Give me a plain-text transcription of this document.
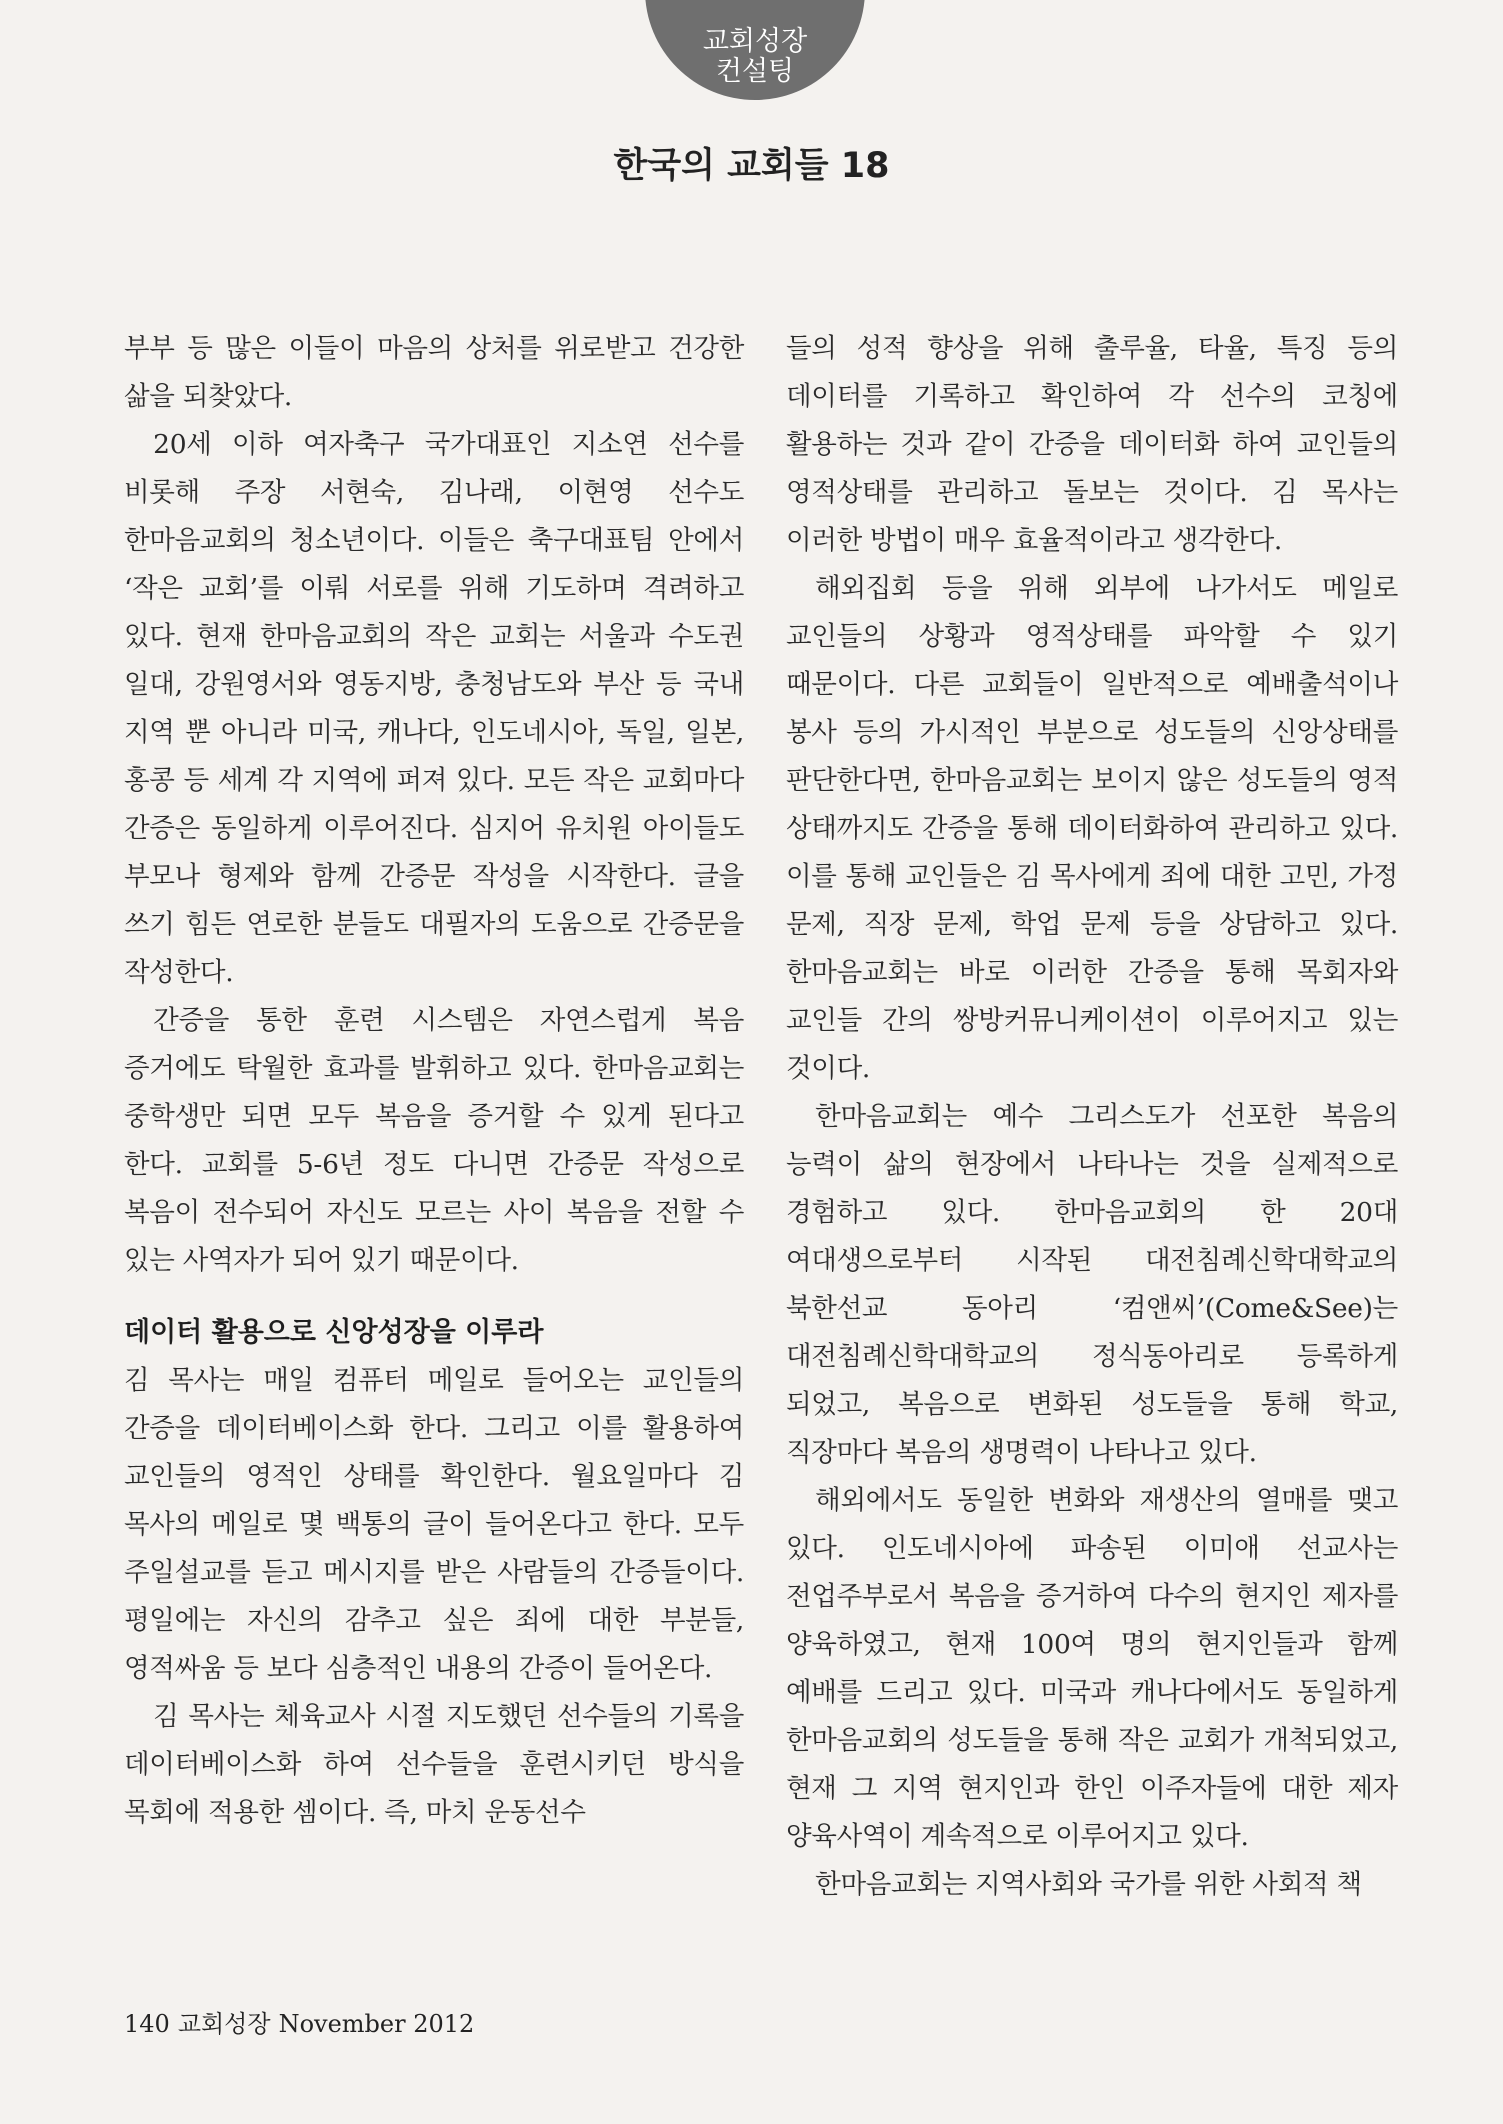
교회성장
컨설팅
한국의 교회들 18

부부 등 많은 이들이 마음의 상처를 위로받고 건강한 삶을 되찾았다.

20세 이하 여자축구 국가대표인 지소연 선수를 비롯해 주장 서현숙, 김나래, 이현영 선수도 한마음교회의 청소년이다. 이들은 축구대표팀 안에서 ‘작은 교회’를 이뤄 서로를 위해 기도하며 격려하고 있다. 현재 한마음교회의 작은 교회는 서울과 수도권 일대, 강원영서와 영동지방, 충청남도와 부산 등 국내 지역 뿐 아니라 미국, 캐나다, 인도네시아, 독일, 일본, 홍콩 등 세계 각 지역에 퍼져 있다. 모든 작은 교회마다 간증은 동일하게 이루어진다. 심지어 유치원 아이들도 부모나 형제와 함께 간증문 작성을 시작한다. 글을 쓰기 힘든 연로한 분들도 대필자의 도움으로 간증문을 작성한다.

간증을 통한 훈련 시스템은 자연스럽게 복음 증거에도 탁월한 효과를 발휘하고 있다. 한마음교회는 중학생만 되면 모두 복음을 증거할 수 있게 된다고 한다. 교회를 5-6년 정도 다니면 간증문 작성으로 복음이 전수되어 자신도 모르는 사이 복음을 전할 수 있는 사역자가 되어 있기 때문이다.

데이터 활용으로 신앙성장을 이루라

김 목사는 매일 컴퓨터 메일로 들어오는 교인들의 간증을 데이터베이스화 한다. 그리고 이를 활용하여 교인들의 영적인 상태를 확인한다. 월요일마다 김 목사의 메일로 몇 백통의 글이 들어온다고 한다. 모두 주일설교를 듣고 메시지를 받은 사람들의 간증들이다. 평일에는 자신의 감추고 싶은 죄에 대한 부분들, 영적싸움 등 보다 심층적인 내용의 간증이 들어온다.

김 목사는 체육교사 시절 지도했던 선수들의 기록을 데이터베이스화 하여 선수들을 훈련시키던 방식을 목회에 적용한 셈이다. 즉, 마치 운동선수

들의 성적 향상을 위해 출루율, 타율, 특징 등의 데이터를 기록하고 확인하여 각 선수의 코칭에 활용하는 것과 같이 간증을 데이터화 하여 교인들의 영적상태를 관리하고 돌보는 것이다. 김 목사는 이러한 방법이 매우 효율적이라고 생각한다.

해외집회 등을 위해 외부에 나가서도 메일로 교인들의 상황과 영적상태를 파악할 수 있기 때문이다. 다른 교회들이 일반적으로 예배출석이나 봉사 등의 가시적인 부분으로 성도들의 신앙상태를 판단한다면, 한마음교회는 보이지 않은 성도들의 영적 상태까지도 간증을 통해 데이터화하여 관리하고 있다. 이를 통해 교인들은 김 목사에게 죄에 대한 고민, 가정 문제, 직장 문제, 학업 문제 등을 상담하고 있다. 한마음교회는 바로 이러한 간증을 통해 목회자와 교인들 간의 쌍방커뮤니케이션이 이루어지고 있는 것이다.

한마음교회는 예수 그리스도가 선포한 복음의 능력이 삶의 현장에서 나타나는 것을 실제적으로 경험하고 있다. 한마음교회의 한 20대 여대생으로부터 시작된 대전침례신학대학교의 북한선교 동아리 ‘컴앤씨’(Come&See)는 대전침례신학대학교의 정식동아리로 등록하게 되었고, 복음으로 변화된 성도들을 통해 학교, 직장마다 복음의 생명력이 나타나고 있다.

해외에서도 동일한 변화와 재생산의 열매를 맺고 있다. 인도네시아에 파송된 이미애 선교사는 전업주부로서 복음을 증거하여 다수의 현지인 제자를 양육하였고, 현재 100여 명의 현지인들과 함께 예배를 드리고 있다. 미국과 캐나다에서도 동일하게 한마음교회의 성도들을 통해 작은 교회가 개척되었고, 현재 그 지역 현지인과 한인 이주자들에 대한 제자 양육사역이 계속적으로 이루어지고 있다.

한마음교회는 지역사회와 국가를 위한 사회적 책

140 교회성장 November 2012
